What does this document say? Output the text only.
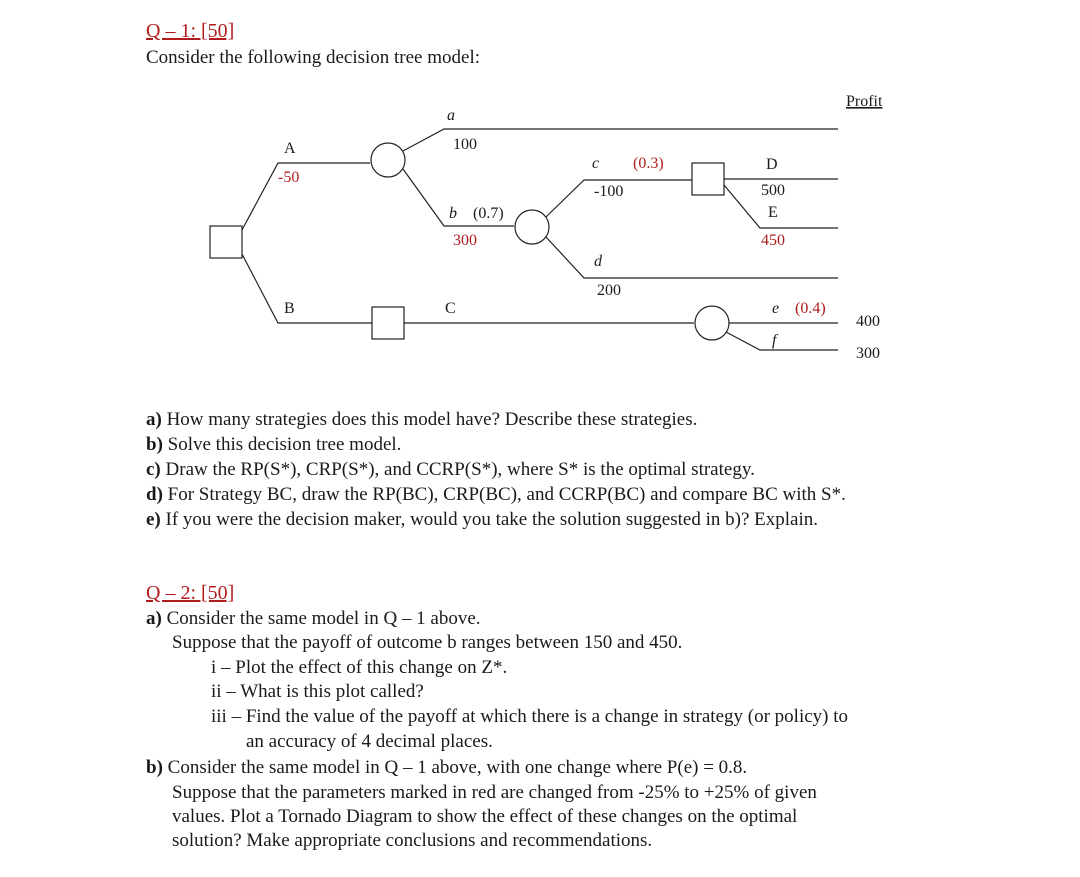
Q – 1: [50]
Consider the following decision tree model:
Profit
A
-50
a
100
b (0.7)
300
c (0.3)
-100
D
500
E
450
d
200
B	C	e (0.4)
400
f
300
a) How many strategies does this model have? Describe these strategies.
b) Solve this decision tree model.
c) Draw the RP(S*), CRP(S*), and CCRP(S*), where S* is the optimal strategy.
d) For Strategy BC, draw the RP(BC), CRP(BC), and CCRP(BC) and compare BC with S*.
e) If you were the decision maker, would you take the solution suggested in b)? Explain.
Q – 2: [50]
a) Consider the same model in Q – 1 above.
Suppose that the payoff of outcome b ranges between 150 and 450.
i – Plot the effect of this change on Z*.
ii – What is this plot called?
iii – Find the value of the payoff at which there is a change in strategy (or policy) to
an accuracy of 4 decimal places.
b) Consider the same model in Q – 1 above, with one change where P(e) = 0.8.
Suppose that the parameters marked in red are changed from -25% to +25% of given
values. Plot a Tornado Diagram to show the effect of these changes on the optimal
solution? Make appropriate conclusions and recommendations.
